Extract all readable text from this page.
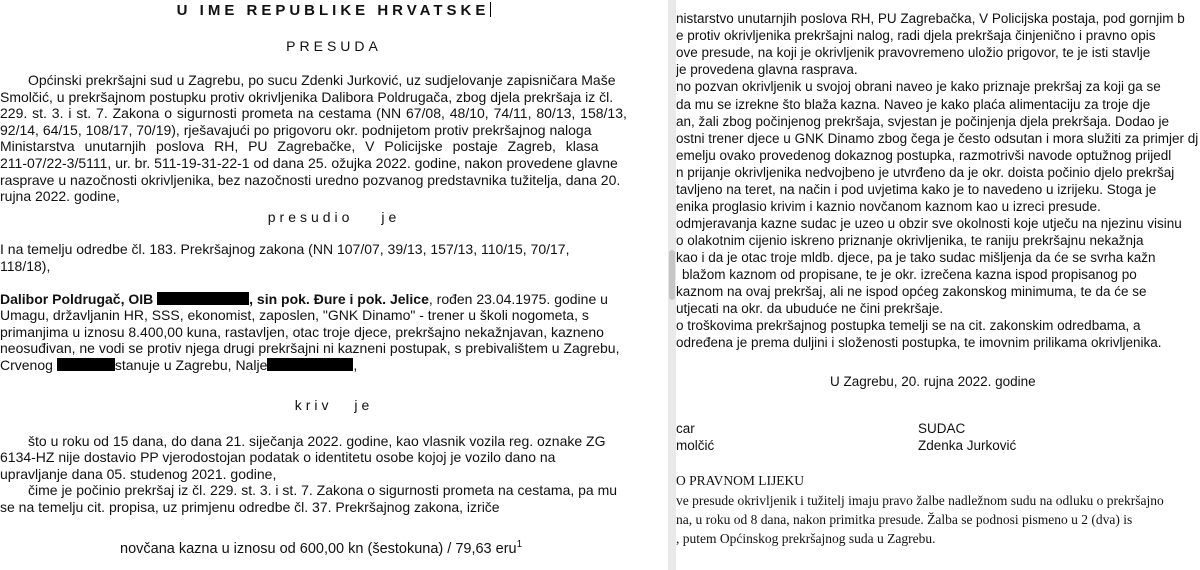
U IME REPUBLIKE HRVATSKE
PRESUDA
Općinski prekršajni sud u Zagrebu, po sucu Zdenki Jurković, uz sudjelovanje zapisničara Maše
Smolčić, u prekršajnom postupku protiv okrivljenika Dalibora Poldrugača, zbog djela prekršaja iz čl.
229. st. 3. i st. 7. Zakona o sigurnosti prometa na cestama (NN 67/08, 48/10, 74/11, 80/13, 158/13,
92/14, 64/15, 108/17, 70/19), rješavajući po prigovoru okr. podnijetom protiv prekršajnog naloga
Ministarstva unutarnjih poslova RH, PU Zagrebačke, V Policijske postaje Zagreb, klasa
211-07/22-3/5111, ur. br. 511-19-31-22-1 od dana 25. ožujka 2022. godine, nakon provedene glavne
rasprave u nazočnosti okrivljenika, bez nazočnosti uredno pozvanog predstavnika tužitelja, dana 20.
rujna 2022. godine,
presudio je
I na temelju odredbe čl. 183. Prekršajnog zakona (NN 107/07, 39/13, 157/13, 110/15, 70/17,
118/18),
Dalibor Poldrugač, OIB	, sin pok. Đure i pok. Jelice, rođen 23.04.1975. godine u
Umagu, državljanin HR, SSS, ekonomist, zaposlen, "GNK Dinamo" - trener u školi nogometa, s
primanjima u iznosu 8.400,00 kuna, rastavljen, otac troje djece, prekršajno nekažnjavan, kazneno
neosuđivan, ne vodi se protiv njega drugi prekršajni ni kazneni postupak, s prebivalištem u Zagrebu,
Crvenog	stanuje u Zagrebu, Nalje	,
kriv je
što u roku od 15 dana, do dana 21. siječanja 2022. godine, kao vlasnik vozila reg. oznake ZG
6134-HZ nije dostavio PP vjerodostojan podatak o identitetu osobe kojoj je vozilo dano na
upravljanje dana 05. studenog 2021. godine,
čime je počinio prekršaj iz čl. 229. st. 3. i st. 7. Zakona o sigurnosti prometa na cestama, pa mu
se na temelju cit. propisa, uz primjenu odredbe čl. 37. Prekršajnog zakona, izriče
novčana kazna u iznosu od 600,00 kn (šestokuna) / 79,63 eru$^1$
nistarstvo unutarnjih poslova RH, PU Zagrebačka, V Policijska postaja, pod gornjim b
e protiv okrivljenika prekršajni nalog, radi djela prekršaja činjenično i pravno opis
ove presude, na koji je okrivljenik pravovremeno uložio prigovor, te je isti stavlje
je provedena glavna rasprava.
no pozvan okrivljenik u svojoj obrani naveo je kako priznaje prekršaj za koji ga se
da mu se izrekne što blaža kazna. Naveo je kako plaća alimentaciju za troje dje
an, žali zbog počinjenog prekršaja, svjestan je počinjenja djela prekršaja. Dodao je
ostni trener djece u GNK Dinamo zbog čega je često odsutan i mora služiti za primjer dj
emelju ovako provedenog dokaznog postupka, razmotrivši navode optužnog prijedl
n prijanje okrivljenika nedvojbeno je utvrđeno da je okr. doista počinio djelo prekršaj
tavljeno na teret, na način i pod uvjetima kako je to navedeno u izrijeku. Stoga je
enika proglasio krivim i kaznio novčanom kaznom kao u izreci presude.
odmjeravanja kazne sudac je uzeo u obzir sve okolnosti koje utječu na njezinu visinu
o olakotnim cijenio iskreno priznanje okrivljenika, te raniju prekršajnu nekažnja
kao i da je otac troje mldb. djece, pa je tako sudac mišljenja da će se svrha kažn
blažom kaznom od propisane, te je okr. izrečena kazna ispod propisanog po
kaznom na ovaj prekršaj, ali ne ispod općeg zakonskog minimuma, te da će se
utjecati na okr. da ubuduće ne čini prekršaje.
o troškovima prekršajnog postupka temelji se na cit. zakonskim odredbama, a
određena je prema duljini i složenosti postupka, te imovnim prilikama okrivljenika.
U Zagrebu, 20. rujna 2022. godine
car
molčić
SUDAC
Zdenka Jurković
O PRAVNOM LIJEKU
ve presude okrivljenik i tužitelj imaju pravo žalbe nadležnom sudu na odluku o prekršajno
na, u roku od 8 dana, nakon primitka presude. Žalba se podnosi pismeno u 2 (dva) is
, putem Općinskog prekršajnog suda u Zagrebu.
